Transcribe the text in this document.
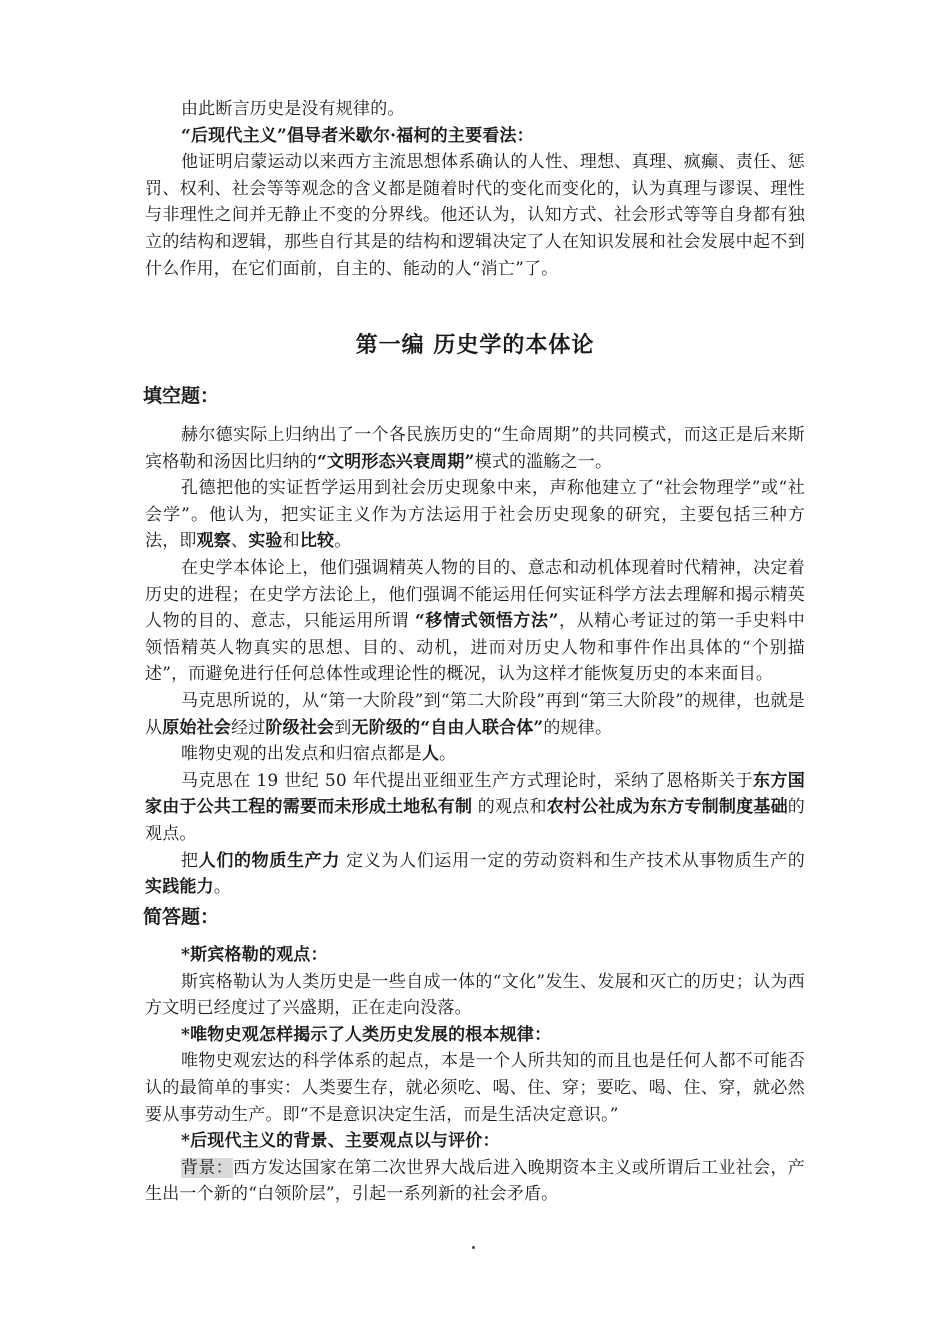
由此断言历史是没有规律的。

“后现代主义”倡导者米歇尔·福柯的主要看法：

他证明启蒙运动以来西方主流思想体系确认的人性、理想、真理、疯癫、责任、惩罚、权利、社会等等观念的含义都是随着时代的变化而变化的，认为真理与谬误、理性与非理性之间并无静止不变的分界线。他还认为，认知方式、社会形式等等自身都有独立的结构和逻辑，那些自行其是的结构和逻辑决定了人在知识发展和社会发展中起不到什么作用，在它们面前，自主的、能动的人“消亡”了。

第一编 历史学的本体论
填空题：

赫尔德实际上归纳出了一个各民族历史的“生命周期”的共同模式，而这正是后来斯宾格勒和汤因比归纳的“文明形态兴衰周期”模式的滥觞之一。

孔德把他的实证哲学运用到社会历史现象中来，声称他建立了“社会物理学”或“社会学”。他认为，把实证主义作为方法运用于社会历史现象的研究，主要包括三种方法，即观察、实验和比较。

在史学本体论上，他们强调精英人物的目的、意志和动机体现着时代精神，决定着历史的进程；在史学方法论上，他们强调不能运用任何实证科学方法去理解和揭示精英人物的目的、意志，只能运用所谓 “移情式领悟方法”，从精心考证过的第一手史料中领悟精英人物真实的思想、目的、动机，进而对历史人物和事件作出具体的“个别描述”，而避免进行任何总体性或理论性的概况，认为这样才能恢复历史的本来面目。

马克思所说的，从“第一大阶段”到“第二大阶段”再到“第三大阶段”的规律，也就是从原始社会经过阶级社会到无阶级的“自由人联合体”的规律。

唯物史观的出发点和归宿点都是人。

马克思在 19 世纪 50 年代提出亚细亚生产方式理论时，采纳了恩格斯关于东方国家由于公共工程的需要而未形成土地私有制 的观点和农村公社成为东方专制制度基础的观点。

把人们的物质生产力 定义为人们运用一定的劳动资料和生产技术从事物质生产的实践能力。

简答题：

*斯宾格勒的观点：

斯宾格勒认为人类历史是一些自成一体的“文化”发生、发展和灭亡的历史；认为西方文明已经度过了兴盛期，正在走向没落。

*唯物史观怎样揭示了人类历史发展的根本规律：

唯物史观宏达的科学体系的起点，本是一个人所共知的而且也是任何人都不可能否认的最简单的事实：人类要生存，就必须吃、喝、住、穿；要吃、喝、住、穿，就必然要从事劳动生产。即“不是意识决定生活，而是生活决定意识。”

*后现代主义的背景、主要观点以与评价：

背景：西方发达国家在第二次世界大战后进入晚期资本主义或所谓后工业社会，产生出一个新的“白领阶层”，引起一系列新的社会矛盾。
